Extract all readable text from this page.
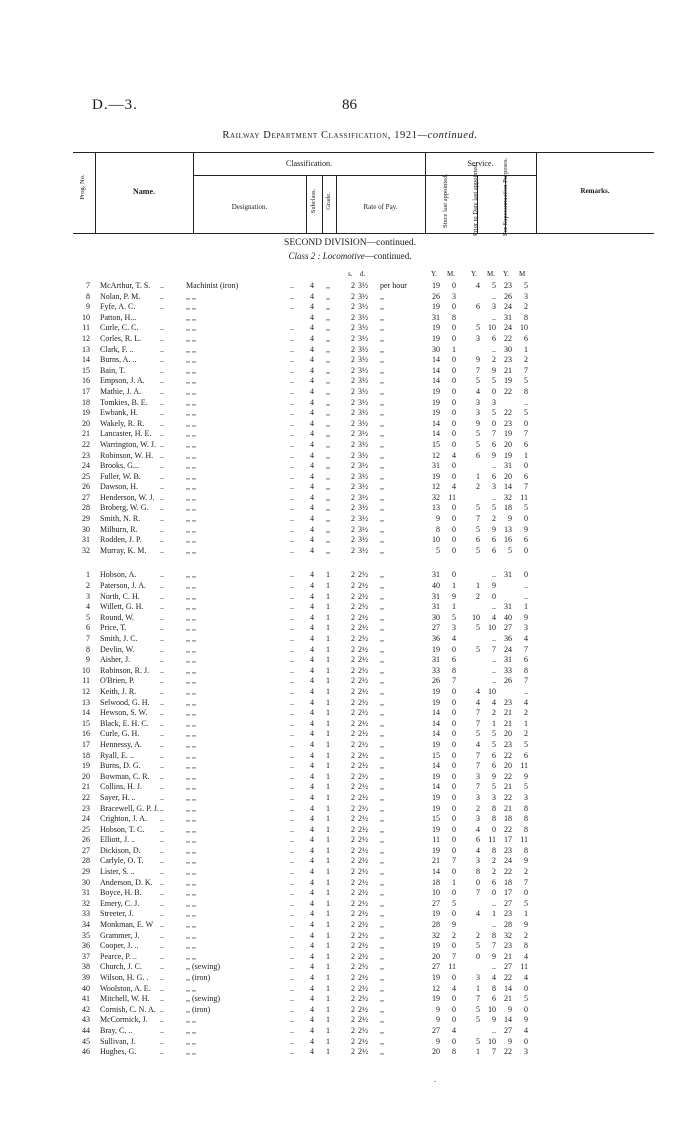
D.—3.	86
Railway Department Classification, 1921—continued.
Prog. No.	Name.
Classification.
Designation.	Subclass. Grade.	Rate of Pay.
Service.
Since last appointed.	Prior to Date last appointed.	For Superannuation Purposes.	Remarks.
SECOND DIVISION—continued.
Class 2 : Locomotive—continued.
s. d.	Y. M. Y. M. Y. M
7 McArthur, T. S. ..	Machinist (iron)	4	,,	2 3½ per hour	19	0	4	5	23	5
..
8 Nolan, P. M. ..	,, ,,	4	,,	2 3½ ,,	26	3	..	26	3
..
9 Fyfe, A. C.	..	,, ,,	4	,,	2 3½ ,,	19	0	6	3	24	2
..
10 Patton, H...	,, ,,	4	,,	2 3½ ,,	31	8	..	31	8
11 Curle, C. C.	..	,, ,,	4	,,	2 3½ ,,	19	0	5	10	24	10
..
12 Corles, R. L. ..	,, ,,	4	,,	2 3½ ,,	19	0	3	6	22	6
..
13 Clark, F. ..	..	,, ,,	4	,,	2 3½ ,,	30	1	..	30	1
..
14 Burns, A. ..	..	,, ,,	4	,,	2 3½ ,,	14	0	9	2	23	2
..
15 Bain, T.	..	,, ,,	4	,,	2 3½ ,,	14	0	7	9	21	7
..
16 Empson, J. A. ..	,, ,,	4	,,	2 3½ ,,	14	0	5	5	19	5
..
17 Mathie, J. A. ..	,, ,,	4	,,	2 3½ ,,	19	0	4	0	22	8
..
18 Tomkies, B. E. ..	,, ,,	4	,,	2 3½ ,,	19	0	3	3	..
..
19 Ewbank, H.	..	,, ,,	4	,,	2 3½ ,,	19	0	3	5	22	5
..
20 Wakely, R. R. ..	,, ,,	4	,,	2 3½ ,,	14	0	9	0	23	0
..
21 Lancaster, H. E. ..	,, ,,	4	,,	2 3½ ,,	14	0	5	7	19	7
..
22 Warrington, W. J. ..	,, ,,	4	,,	2 3½ ,,	15	0	5	6	20	6
..
23 Robinson, W. H. ..	,, ,,	4	,,	2 3½ ,,	12	4	6	9	19	1
..
24 Brooks, G...	..	,, ,,	4	,,	2 3½ ,,	31	0	..	31	0
..
25 Fuller, W. B. ..	,, ,,	4	,,	2 3½ ,,	19	0	1	6	20	6
..
26 Dawson, H.	..	,, ,,	4	,,	2 3½ ,,	12	4	2	3	14	7
..
27 Henderson, W. J. ..	,, ,,	4	,,	2 3½ ,,	32	11	..	32	11
..
28 Broberg, W. G. ..	,, ,,	4	,,	2 3½ ,,	13	0	5	5	18	5
..
29 Smith, N. R. ..	,, ,,	4	,,	2 3½ ,,	9	0	7	2	9	0
..
30 Milburn, R.	..	,, ,,	4	,,	2 3½ ,,	8	0	5	9	13	9
..
31 Rodden, J. P. ..	,, ,,	4	,,	2 3½ ,,	10	0	6	6	16	6
..
32 Murray, K. M. ..	,, ,,	4	,,	2 3½ ,,	5	0	5	6	5	0
..
1 Hobson, A.	..	,, ,,	4	1	2 2½ ,,	31	0	..	31	0
..
2 Paterson, J. A. ..	,, ,,	4	1	2 2½ ,,	40	1	1	9	..
..
3 North, C. H.	..	,, ,,	4	1	2 2½ ,,	31	9	2	0	..
..
4 Willett, G. H. ..	,, ,,	4	1	2 2½ ,,	31	1	..	31	1
..
5 Round, W.	..	,, ,,	4	1	2 2½ ,,	30	5	10	4	40	9
..
6 Price, T.	..	,, ,,	4	1	2 2½ ,,	27	3	5	10	27	3
..
7 Smith, J. C.	..	,, ,,	4	1	2 2½ ,,	36	4	..	36	4
..
8 Devlin, W.	..	,, ,,	4	1	2 2½ ,,	19	0	5	7	24	7
..
9 Aisher, J.	..	,, ,,	4	1	2 2½ ,,	31	6	..	31	6
..
10 Robinson, R. J. ..	,, ,,	4	1	2 2½ ,,	33	8	..	33	8
..
11 O'Brien, P.	..	,, ,,	4	1	2 2½ ,,	26	7	..	26	7
..
12 Keith, J. R.	..	,, ,,	4	1	2 2½ ,,	19	0	4	10	..
..
13 Selwood, G. H. ..	,, ,,	4	1	2 2½ ,,	19	0	4	4	23	4
..
14 Hewson, S. W. ..	,, ,,	4	1	2 2½ ,,	14	0	7	2	21	2
..
15 Black, E. H. C. ..	,, ,,	4	1	2 2½ ,,	14	0	7	1	21	1
..
16 Curle, G. H.	..	,, ,,	4	1	2 2½ ,,	14	0	5	5	20	2
..
17 Hennessy, A. ..	,, ,,	4	1	2 2½ ,,	19	0	4	5	23	5
..
18 Ryall, E. ..	..	,, ,,	4	1	2 2½ ,,	15	0	7	6	22	6
..
19 Burns, D. G. ..	,, ,,	4	1	2 2½ ,,	14	0	7	6	20	11
..
20 Bowman, C. R. ..	,, ,,	4	1	2 2½ ,,	19	0	3	9	22	9
..
21 Collins, H. J. ..	,, ,,	4	1	2 2½ ,,	14	0	7	5	21	5
..
22 Sayer, H. ..	..	,, ,,	4	1	2 2½ ,,	19	0	3	3	22	3
..
23 Bracewell, G. P. J. ..	,, ,,	4	1	2 2½ ,,	19	0	2	8	21	8
..
24 Crighton, J. A. ..	,, ,,	4	1	2 2½ ,,	15	0	3	8	18	8
..
25 Hobson, T. C. ..	,, ,,	4	1	2 2½ ,,	19	0	4	0	22	8
..
26 Elliott, J. ..	..	,, ,,	4	1	2 2½ ,,	11	0	6	11	17	11
..
27 Dickison, D. ..	,, ,,	4	1	2 2½ ,,	19	0	4	8	23	8
..
28 Carlyle, O. T. ..	,, ,,	4	1	2 2½ ,,	21	7	3	2	24	9
..
29 Lister, S. ..	..	,, ,,	4	1	2 2½ ,,	14	0	8	2	22	2
..
30 Anderson, D. K. ..	,, ,,	4	1	2 2½ ,,	18	1	0	6	18	7
..
31 Boyce, H. B. ..	,, ,,	4	1	2 2½ ,,	10	0	7	0	17	0
..
32 Emery, C. J.	..	,, ,,	4	1	2 2½ ,,	27	5	..	27	5
..
33 Streeter, J.	..	,, ,,	4	1	2 2½ ,,	19	0	4	1	23	1
..
34 Monkman, E. W ..	,, ,,	4	1	2 2½ ,,	28	9	..	28	9
..
35 Grammer, J.	..	,, ,,	4	1	2 2½ ,,	32	2	2	8	32	2
..
36 Cooper, J. ..	..	,, ,,	4	1	2 2½ ,,	19	0	5	7	23	8
..
37 Pearce, P. ..	..	,, ,,	4	1	2 2½ ,,	20	7	0	9	21	4
..
38 Church, J. C. ..	,, (sewing)	4	1	2 2½ ,,	27	11	..	27	11
..
39 Wilson, H. G. . ..	,, (iron)	4	1	2 2½ ,,	19	0	3	4	22	4
..
40 Woolston, A. E. ..	,, ,,	4	1	2 2½ ,,	12	4	1	8	14	0
..
41 Mitchell, W. H. ..	,, (sewing)	4	1	2 2½ ,,	19	0	7	6	21	5
..
42 Cornish, C. N. A. ..	,, (iron)	4	1	2 2½ ,,	9	0	5	10	9	0
..
43 McCormick, J. ..	,, ,,	4	1	2 2½ ,,	9	0	5	9	14	9
..
44 Bray, C. ..	..	,, ,,	4	1	2 2½ ,,	27	4	..	27	4
..
45 Sullivan, J.	..	,, ,,	4	1	2 2½ ,,	9	0	5	10	9	0
..
46 Hughes, G.	..	,, ,,	4	1	2 2½ ,,	20	8	1	7	22	3
..
.
